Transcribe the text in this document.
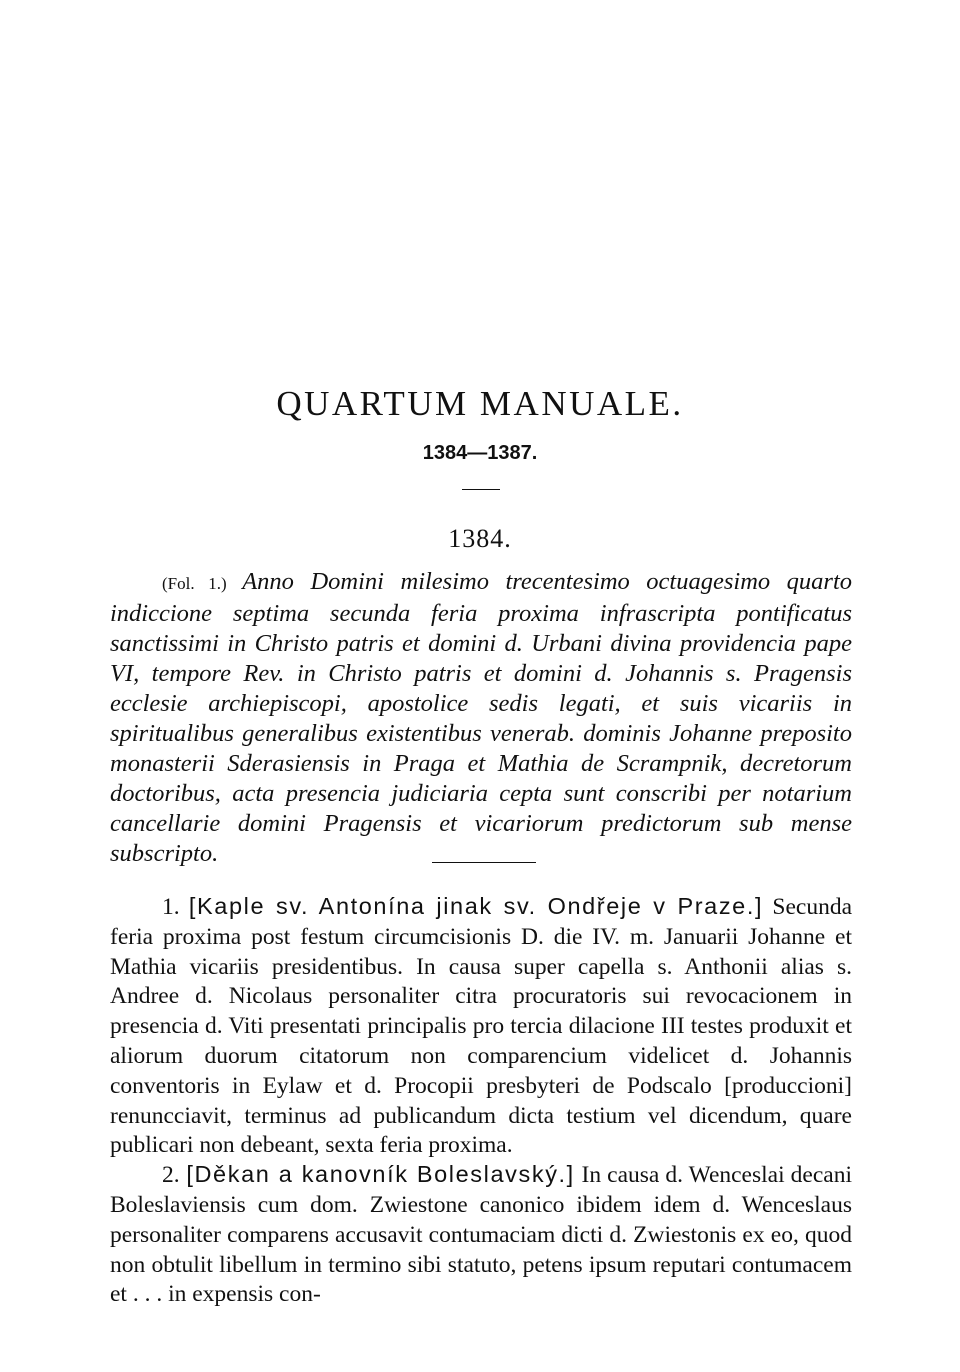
QUARTUM MANUALE.
1384—1387.
1384.

(Fol. 1.) Anno Domini milesimo trecentesimo octuagesimo quarto indiccione septima secunda feria proxima infrascripta pontificatus sanctissimi in Christo patris et domini d. Urbani divina providencia pape VI, tempore Rev. in Christo patris et domini d. Johannis s. Pragensis ecclesie archiepiscopi, apostolice sedis legati, et suis vicariis in spiritualibus generalibus existentibus venerab. dominis Johanne preposito monasterii Sderasiensis in Praga et Mathia de Scrampnik, decretorum doctoribus, acta presencia judiciaria cepta sunt conscribi per notarium cancellarie domini Pragensis et vicariorum predictorum sub mense subscripto.

1. [Kaple sv. Antonína jinak sv. Ondřeje v Praze.] Secunda feria proxima post festum circumcisionis D. die IV. m. Januarii Johanne et Mathia vicariis presidentibus. In causa super capella s. Anthonii alias s. Andree d. Nicolaus personaliter citra procuratoris sui revocacionem in presencia d. Viti presentati principalis pro tercia dilacione III testes produxit et aliorum duorum citatorum non comparencium videlicet d. Johannis conventoris in Eylaw et d. Procopii presbyteri de Podscalo [produccioni] renuncciavit, terminus ad publicandum dicta testium vel dicendum, quare publicari non debeant, sexta feria proxima.

2. [Děkan a kanovník Boleslavský.] In causa d. Wenceslai decani Boleslaviensis cum dom. Zwiestone canonico ibidem idem d. Wenceslaus personaliter comparens accusavit contumaciam dicti d. Zwiestonis ex eo, quod non obtulit libellum in termino sibi statuto, petens ipsum reputari contumacem et . . . in expensis con-
